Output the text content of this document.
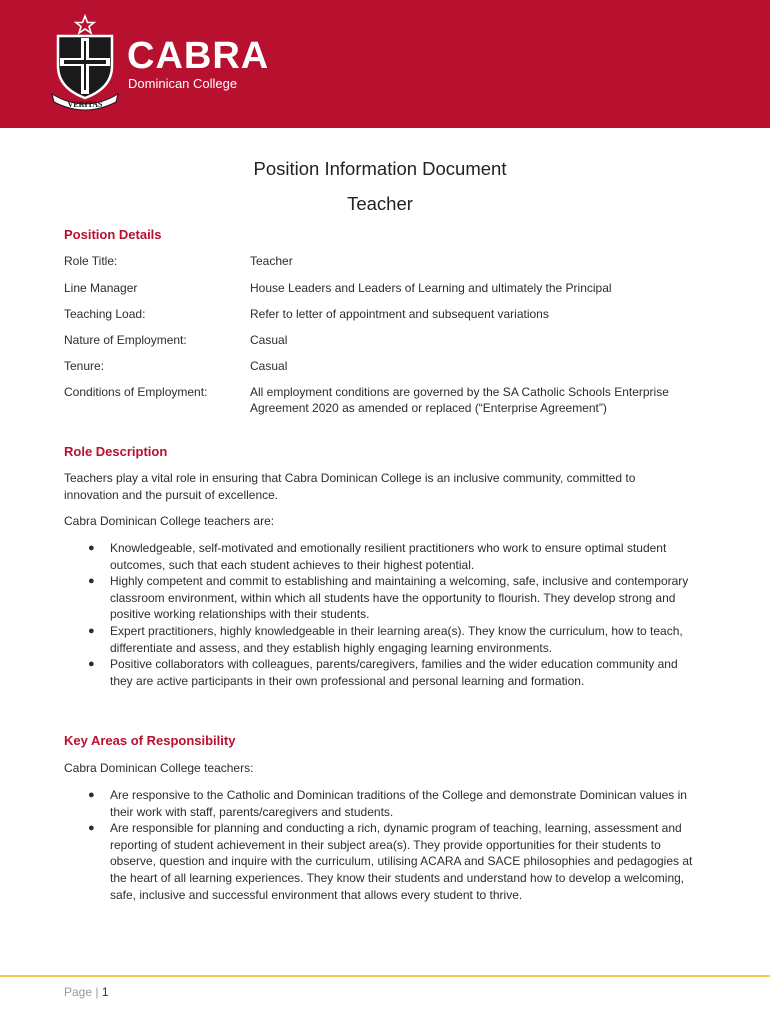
VERITAS
CABRA
Dominican College
Position Information Document
Teacher
Position Details
Role Title:	Teacher
Line Manager	House Leaders and Leaders of Learning and ultimately the Principal
Teaching Load:	Refer to letter of appointment and subsequent variations
Nature of Employment:	Casual
Tenure:	Casual
Conditions of Employment:	All employment conditions are governed by the SA Catholic Schools Enterprise Agreement 2020 as amended or replaced (“Enterprise Agreement”)
Role Description
Teachers play a vital role in ensuring that Cabra Dominican College is an inclusive community, committed to innovation and the pursuit of excellence.
Cabra Dominican College teachers are:
● Knowledgeable, self-motivated and emotionally resilient practitioners who work to ensure optimal student outcomes, such that each student achieves to their highest potential.
● Highly competent and commit to establishing and maintaining a welcoming, safe, inclusive and contemporary classroom environment, within which all students have the opportunity to flourish. They develop strong and positive working relationships with their students.
● Expert practitioners, highly knowledgeable in their learning area(s). They know the curriculum, how to teach, differentiate and assess, and they establish highly engaging learning environments.
● Positive collaborators with colleagues, parents/caregivers, families and the wider education community and they are active participants in their own professional and personal learning and formation.
Key Areas of Responsibility
Cabra Dominican College teachers:
● Are responsive to the Catholic and Dominican traditions of the College and demonstrate Dominican values in their work with staff, parents/caregivers and students.
● Are responsible for planning and conducting a rich, dynamic program of teaching, learning, assessment and reporting of student achievement in their subject area(s). They provide opportunities for their students to observe, question and inquire with the curriculum, utilising ACARA and SACE philosophies and pedagogies at the heart of all learning experiences. They know their students and understand how to develop a welcoming, safe, inclusive and successful environment that allows every student to thrive.
Page | 1
